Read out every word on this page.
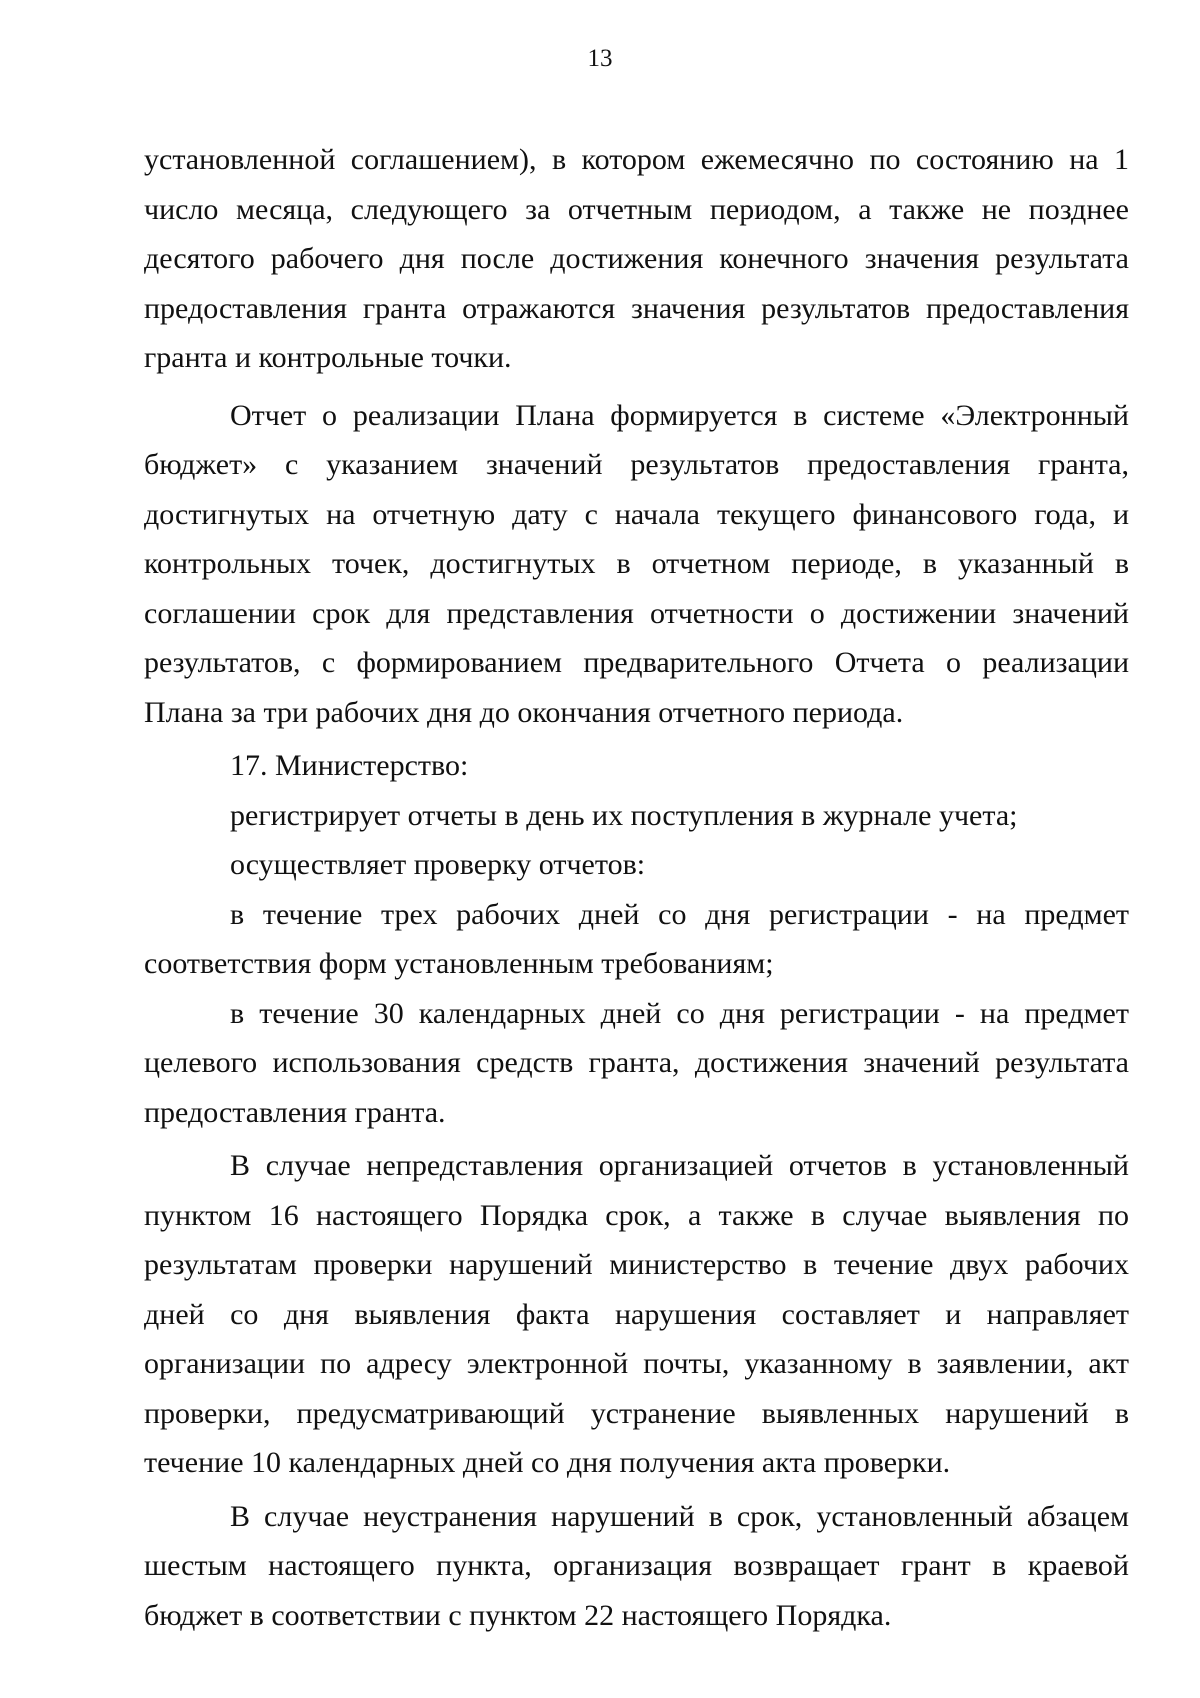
13

установленной соглашением), в котором ежемесячно по состоянию на 1 число месяца, следующего за отчетным периодом, а также не позднее десятого рабочего дня после достижения конечного значения результата предоставления гранта отражаются значения результатов предоставления гранта и контрольные точки.

Отчет о реализации Плана формируется в системе «Электронный бюджет» с указанием значений результатов предоставления гранта, достигнутых на отчетную дату с начала текущего финансового года, и контрольных точек, достигнутых в отчетном периоде, в указанный в соглашении срок для представления отчетности о достижении значений результатов, с формированием предварительного Отчета о реализации Плана за три рабочих дня до окончания отчетного периода.

17. Министерство:

регистрирует отчеты в день их поступления в журнале учета;

осуществляет проверку отчетов:

в течение трех рабочих дней со дня регистрации - на предмет соответствия форм установленным требованиям;

в течение 30 календарных дней со дня регистрации - на предмет целевого использования средств гранта, достижения значений результата предоставления гранта.

В случае непредставления организацией отчетов в установленный пунктом 16 настоящего Порядка срок, а также в случае выявления по результатам проверки нарушений министерство в течение двух рабочих дней со дня выявления факта нарушения составляет и направляет организации по адресу электронной почты, указанному в заявлении, акт проверки, предусматривающий устранение выявленных нарушений в течение 10 календарных дней со дня получения акта проверки.

В случае неустранения нарушений в срок, установленный абзацем шестым настоящего пункта, организация возвращает грант в краевой бюджет в соответствии с пунктом 22 настоящего Порядка.
